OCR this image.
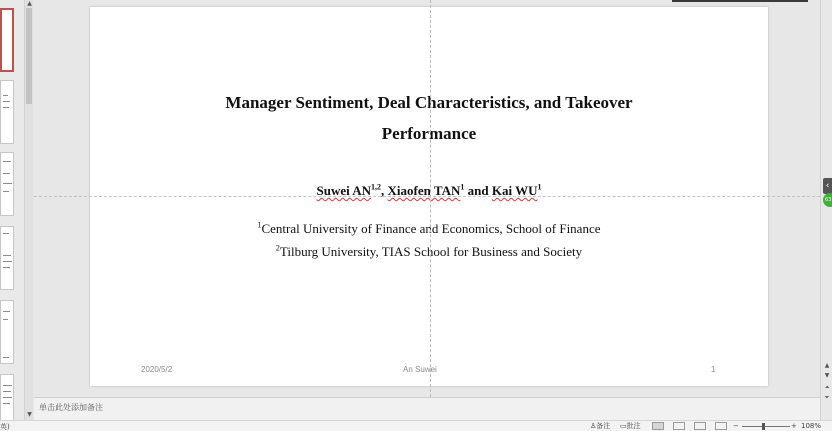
▲
▼
Manager Sentiment, Deal Characteristics, and Takeover
Performance
Suwei AN$^{1,2}$, Xiaofen TAN$^1$ and Kai $WU^1$
$^1$Central University of Finance and Economics, School of Finance
$^2$Tilburg University, TIAS School for Business and Society
2020/5/2	An Suwei	1	▲
▼
⏶
⏷
‹
63
单击此处添加备注
英)	♙备注 ▭批注	−	+ 108%
